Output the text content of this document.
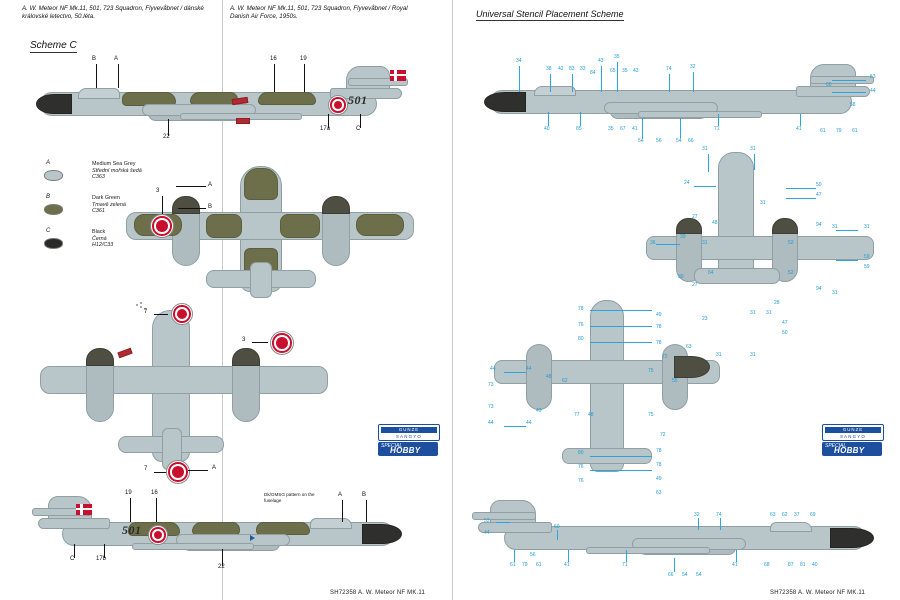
A. W. Meteor NF Mk.11, 501, 723 Squadron, Flyvevåbnet / dánské královské letectvo, 50.léta.
A. W. Meteor NF Mk.11, 501, 723 Squadron, Flyvevåbnet / Royal Danish Air Force, 1950s.	Universal Stencil Placement Scheme
Scheme C
501
B	A	16	19
17a	C
22
A	Medium Sea Grey
Střední mořská šedá
C363
B	Dark Green
Tmavě zelená
C361
C	Black
Černá
H12/C33
3
A
B
7
3
7	A
GUNZE
SANGYO
SPECIAL
HOBBY
501
19	16	A	B
C	17b
22
Dk/GMSG pattern on the fuselage
34
38 42 83 33
84
43
35
65 35 43	74	32
53
60
44
58
40	85	35 67 41	71	41	61 79 61
54 56	54 66
31	31
24	50
47
31
27
48	94
36
39
31	52
31	31
59
59
39
64	52
31
27
94
28
31 31
23
47
50
63
31	31
78
49
76	78
80
78
72
44	44	75
55
73
62
48
49
77 48	75
73
44	44
72
80	78
76	78
76	49
63
GUNZE
SANGYO
SPECIAL
HOBBY
53
44
60
32	74	63 62 37 69
61 79 61
56
41	71	41	68	87 81 40
66 54 54
SH72358 A. W. Meteor NF MK.11	SH72358 A. W. Meteor NF MK.11
